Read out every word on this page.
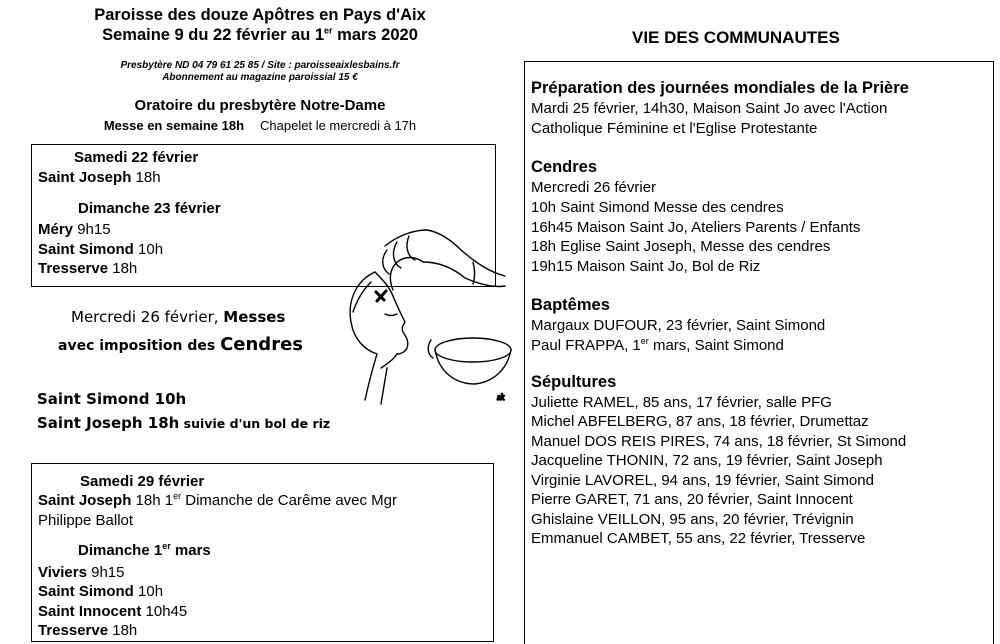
Paroisse des douze Apôtres en Pays d'Aix
Semaine 9 du 22 février au 1er mars 2020
Presbytère ND 04 79 61 25 85 / Site : paroisseaixlesbains.fr
Abonnement au magazine paroissial 15 €
Oratoire du presbytère Notre-Dame
Messe en semaine 18h Chapelet le mercredi à 17h
Samedi 22 février
Saint Joseph 18h
Dimanche 23 février
Méry 9h15
Saint Simond 10h
Tresserve 18h
Mercredi 26 février, Messes
avec imposition des Cendres
Saint Simond 10h
Saint Joseph 18h suivie d'un bol de riz
sk
Samedi 29 février
Saint Joseph 18h 1er Dimanche de Carême avec Mgr
Philippe Ballot
Dimanche 1er mars
Viviers 9h15
Saint Simond 10h
Saint Innocent 10h45
Tresserve 18h
VIE DES COMMUNAUTES
Préparation des journées mondiales de la Prière
Mardi 25 février, 14h30, Maison Saint Jo avec l'Action
Catholique Féminine et l'Eglise Protestante
Cendres
Mercredi 26 février
10h Saint Simond Messe des cendres
16h45 Maison Saint Jo, Ateliers Parents / Enfants
18h Eglise Saint Joseph, Messe des cendres
19h15 Maison Saint Jo, Bol de Riz
Baptêmes
Margaux DUFOUR, 23 février, Saint Simond
Paul FRAPPA, 1er mars, Saint Simond
Sépultures
Juliette RAMEL, 85 ans, 17 février, salle PFG
Michel ABFELBERG, 87 ans, 18 février, Drumettaz
Manuel DOS REIS PIRES, 74 ans, 18 février, St Simond
Jacqueline THONIN, 72 ans, 19 février, Saint Joseph
Virginie LAVOREL, 94 ans, 19 février, Saint Simond
Pierre GARET, 71 ans, 20 février, Saint Innocent
Ghislaine VEILLON, 95 ans, 20 février, Trévignin
Emmanuel CAMBET, 55 ans, 22 février, Tresserve
